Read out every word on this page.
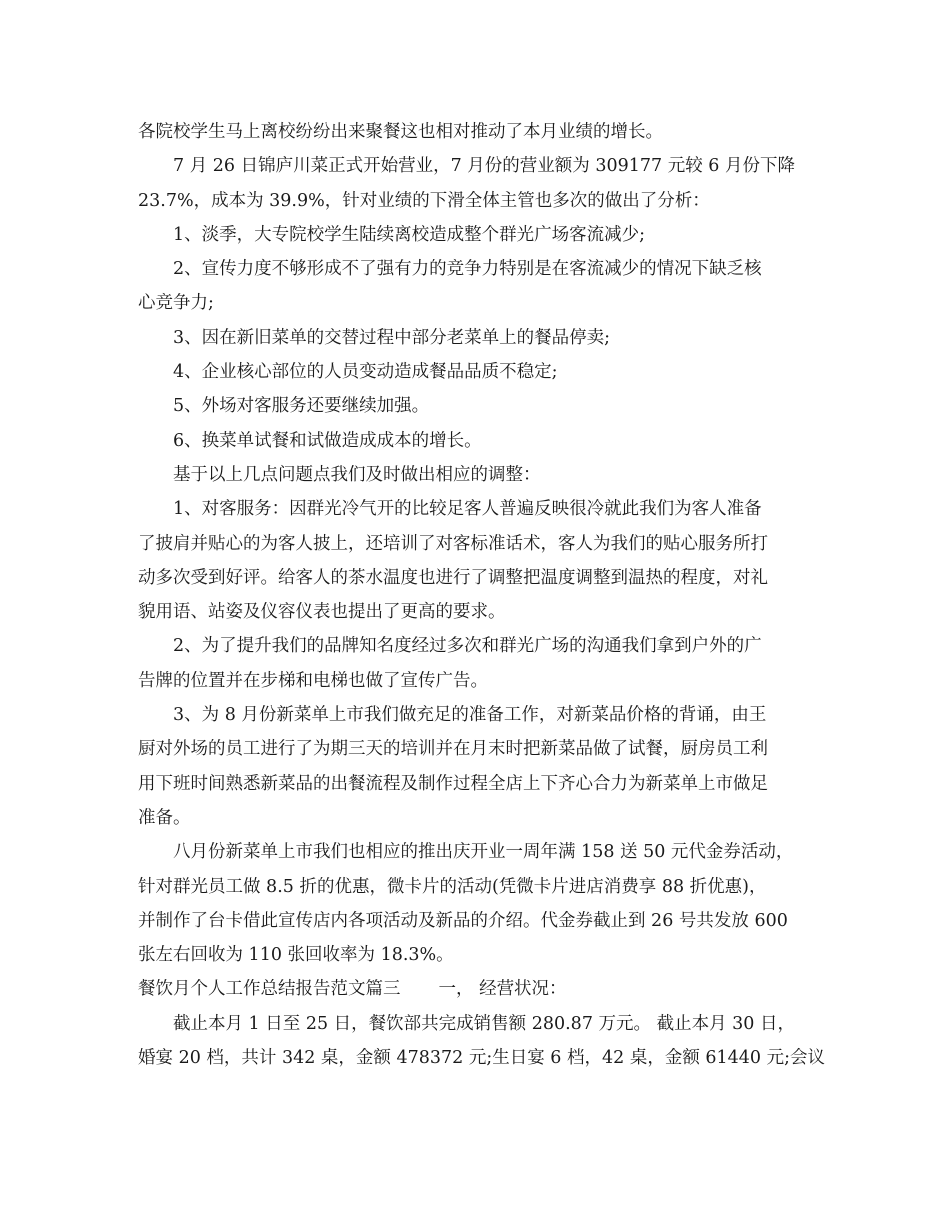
各院校学生马上离校纷纷出来聚餐这也相对推动了本月业绩的增长。
7 月 26 日锦庐川菜正式开始营业，7 月份的营业额为 309177 元较 6 月份下降
23.7%，成本为 39.9%，针对业绩的下滑全体主管也多次的做出了分析：
1、淡季，大专院校学生陆续离校造成整个群光广场客流减少;
2、宣传力度不够形成不了强有力的竞争力特别是在客流减少的情况下缺乏核
心竞争力;
3、因在新旧菜单的交替过程中部分老菜单上的餐品停卖;
4、企业核心部位的人员变动造成餐品品质不稳定;
5、外场对客服务还要继续加强。
6、换菜单试餐和试做造成成本的增长。
基于以上几点问题点我们及时做出相应的调整：
1、对客服务：因群光冷气开的比较足客人普遍反映很冷就此我们为客人准备
了披肩并贴心的为客人披上，还培训了对客标准话术，客人为我们的贴心服务所打
动多次受到好评。给客人的茶水温度也进行了调整把温度调整到温热的程度，对礼
貌用语、站姿及仪容仪表也提出了更高的要求。
2、为了提升我们的品牌知名度经过多次和群光广场的沟通我们拿到户外的广
告牌的位置并在步梯和电梯也做了宣传广告。
3、为 8 月份新菜单上市我们做充足的准备工作，对新菜品价格的背诵，由王
厨对外场的员工进行了为期三天的培训并在月末时把新菜品做了试餐，厨房员工利
用下班时间熟悉新菜品的出餐流程及制作过程全店上下齐心合力为新菜单上市做足
准备。
八月份新菜单上市我们也相应的推出庆开业一周年满 158 送 50 元代金券活动，
针对群光员工做 8.5 折的优惠，微卡片的活动(凭微卡片进店消费享 88 折优惠)，
并制作了台卡借此宣传店内各项活动及新品的介绍。代金券截止到 26 号共发放 600
张左右回收为 110 张回收率为 18.3%。
餐饮月个人工作总结报告范文篇三 一， 经营状况：
截止本月 1 日至 25 日，餐饮部共完成销售额 280.87 万元。 截止本月 30 日，
婚宴 20 档，共计 342 桌，金额 478372 元;生日宴 6 档，42 桌，金额 61440 元;会议
